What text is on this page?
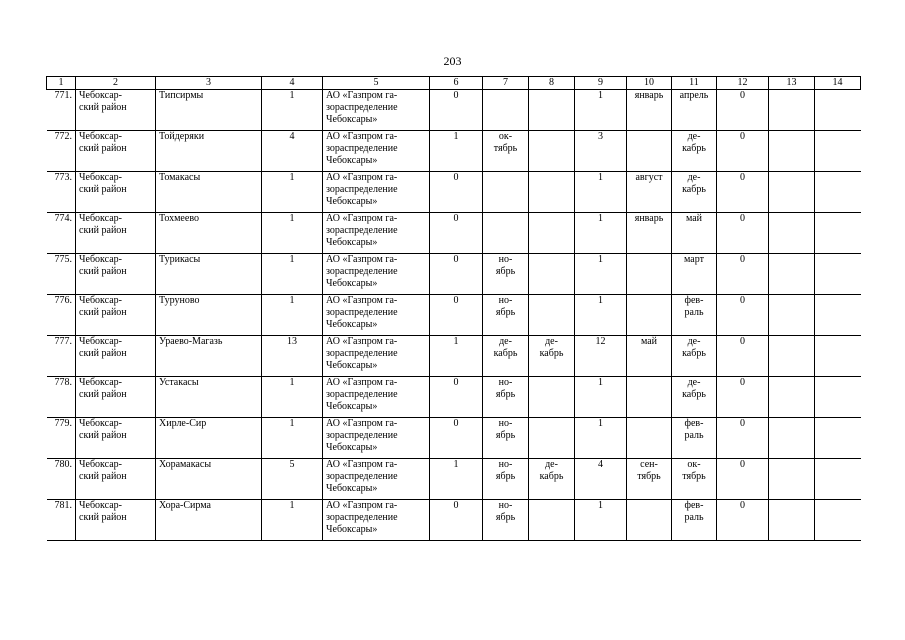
203
1	2	3	4	5	6	7	8	9	10	11	12	13	14
771.	Чебоксар-
ский район	Типсирмы	1	АО «Газпром га-
зораспределение
Чебоксары»	0			1	январь	апрель	0		
772.	Чебоксар-
ский район	Тойдеряки	4	АО «Газпром га-
зораспределение
Чебоксары»	1	ок-
тябрь		3		де-
кабрь	0		
773.	Чебоксар-
ский район	Томакасы	1	АО «Газпром га-
зораспределение
Чебоксары»	0			1	август	де-
кабрь	0		
774.	Чебоксар-
ский район	Тохмеево	1	АО «Газпром га-
зораспределение
Чебоксары»	0			1	январь	май	0		
775.	Чебоксар-
ский район	Турикасы	1	АО «Газпром га-
зораспределение
Чебоксары»	0	но-
ябрь		1		март	0		
776.	Чебоксар-
ский район	Туруново	1	АО «Газпром га-
зораспределение
Чебоксары»	0	но-
ябрь		1		фев-
раль	0		
777.	Чебоксар-
ский район	Ураево-Магазь	13	АО «Газпром га-
зораспределение
Чебоксары»	1	де-
кабрь	де-
кабрь	12	май	де-
кабрь	0		
778.	Чебоксар-
ский район	Устакасы	1	АО «Газпром га-
зораспределение
Чебоксары»	0	но-
ябрь		1		де-
кабрь	0		
779.	Чебоксар-
ский район	Хирле-Сир	1	АО «Газпром га-
зораспределение
Чебоксары»	0	но-
ябрь		1		фев-
раль	0		
780.	Чебоксар-
ский район	Хорамакасы	5	АО «Газпром га-
зораспределение
Чебоксары»	1	но-
ябрь	де-
кабрь	4	сен-
тябрь	ок-
тябрь	0		
781.	Чебоксар-
ский район	Хора-Сирма	1	АО «Газпром га-
зораспределение
Чебоксары»	0	но-
ябрь		1		фев-
раль	0		
